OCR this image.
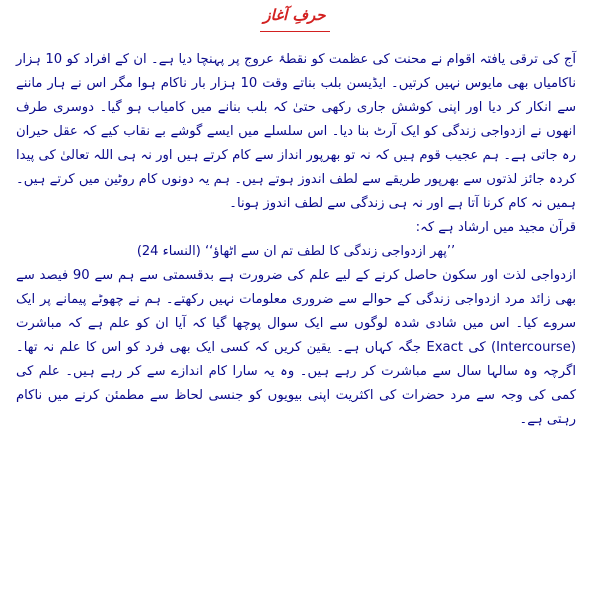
حرفِ آغاز

آج کی ترقی یافتہ اقوام نے محنت کی عظمت کو نقطۂ عروج پر پہنچا دیا ہے۔ ان کے افراد کو 10 ہزار ناکامیاں بھی مایوس نہیں کرتیں۔ ایڈیسن بلب بناتے وقت 10 ہزار بار ناکام ہوا مگر اس نے ہار ماننے سے انکار کر دیا اور اپنی کوشش جاری رکھی حتیٰ کہ بلب بنانے میں کامیاب ہو گیا۔ دوسری طرف انھوں نے ازدواجی زندگی کو ایک آرٹ بنا دیا۔ اس سلسلے میں ایسے گوشے بے نقاب کیے کہ عقل حیران رہ جاتی ہے۔ ہم عجیب قوم ہیں کہ نہ تو بھرپور انداز سے کام کرتے ہیں اور نہ ہی اللہ تعالیٰ کی پیدا کردہ جائز لذتوں سے بھرپور طریقے سے لطف اندوز ہوتے ہیں۔ ہم یہ دونوں کام روٹین میں کرتے ہیں۔ ہمیں نہ کام کرنا آتا ہے اور نہ ہی زندگی سے لطف اندوز ہونا۔

قرآن مجید میں ارشاد ہے کہ:

’’پھر ازدواجی زندگی کا لطف تم ان سے اٹھاؤ‘‘ (النساء 24)

ازدواجی لذت اور سکون حاصل کرنے کے لیے علم کی ضرورت ہے بدقسمتی سے ہم سے 90 فیصد سے بھی زائد مرد ازدواجی زندگی کے حوالے سے ضروری معلومات نہیں رکھتے۔ ہم نے چھوٹے پیمانے پر ایک سروے کیا۔ اس میں شادی شدہ لوگوں سے ایک سوال پوچھا گیا کہ آیا ان کو علم ہے کہ مباشرت (Intercourse) کی Exact جگہ کہاں ہے۔ یقین کریں کہ کسی ایک بھی فرد کو اس کا علم نہ تھا۔ اگرچہ وہ سالہا سال سے مباشرت کر رہے ہیں۔ وہ یہ سارا کام اندازے سے کر رہے ہیں۔ علم کی کمی کی وجہ سے مرد حضرات کی اکثریت اپنی بیویوں کو جنسی لحاظ سے مطمئن کرنے میں ناکام رہتی ہے۔
